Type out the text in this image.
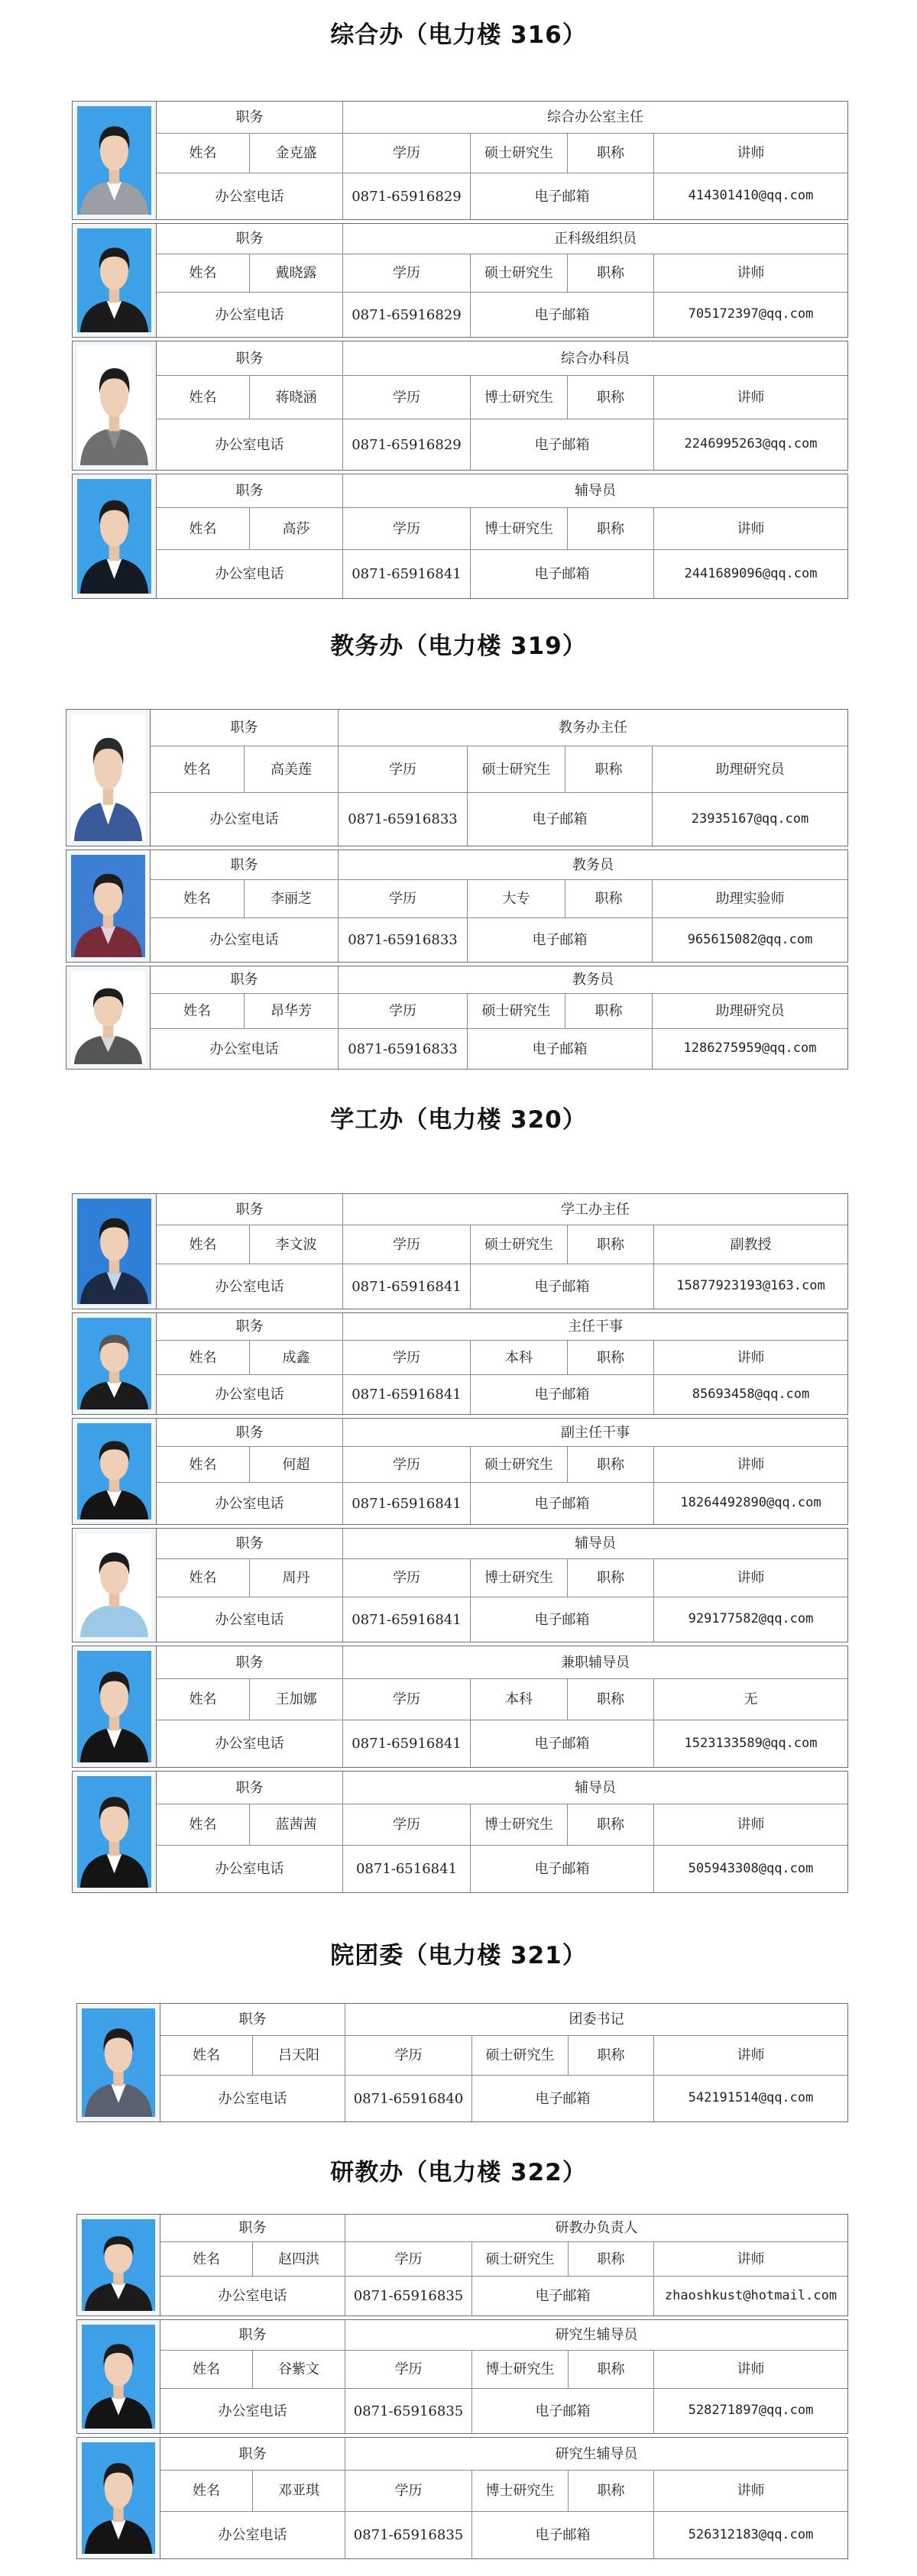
综合办（电力楼 316）
职务	综合办公室主任
姓名	金克盛	学历	硕士研究生	职称	讲师
办公室电话	0871-65916829	电子邮箱	414301410@qq.com
职务	正科级组织员
姓名	戴晓露	学历	硕士研究生	职称	讲师
办公室电话	0871-65916829	电子邮箱	705172397@qq.com
职务	综合办科员
姓名	蒋晓涵	学历	博士研究生	职称	讲师
办公室电话	0871-65916829	电子邮箱	2246995263@qq.com
职务	辅导员
姓名	高莎	学历	博士研究生	职称	讲师
办公室电话	0871-65916841	电子邮箱	2441689096@qq.com
教务办（电力楼 319）
职务	教务办主任
姓名	高美莲	学历	硕士研究生	职称	助理研究员
办公室电话	0871-65916833	电子邮箱	23935167@qq.com
职务	教务员
姓名	李丽芝	学历	大专	职称	助理实验师
办公室电话	0871-65916833	电子邮箱	965615082@qq.com
职务	教务员
姓名	昂华芳	学历	硕士研究生	职称	助理研究员
办公室电话	0871-65916833	电子邮箱	1286275959@qq.com
学工办（电力楼 320）
职务	学工办主任
姓名	李文波	学历	硕士研究生	职称	副教授
办公室电话	0871-65916841	电子邮箱	15877923193@163.com
职务	主任干事
姓名	成鑫	学历	本科	职称	讲师
办公室电话	0871-65916841	电子邮箱	85693458@qq.com
职务	副主任干事
姓名	何超	学历	硕士研究生	职称	讲师
办公室电话	0871-65916841	电子邮箱	18264492890@qq.com
职务	辅导员
姓名	周丹	学历	博士研究生	职称	讲师
办公室电话	0871-65916841	电子邮箱	929177582@qq.com
职务	兼职辅导员
姓名	王加娜	学历	本科	职称	无
办公室电话	0871-65916841	电子邮箱	1523133589@qq.com
职务	辅导员
姓名	蓝茜茜	学历	博士研究生	职称	讲师
办公室电话	0871-6516841	电子邮箱	505943308@qq.com
院团委（电力楼 321）
职务	团委书记
姓名	吕天阳	学历	硕士研究生	职称	讲师
办公室电话	0871-65916840	电子邮箱	542191514@qq.com
研教办（电力楼 322）
职务	研教办负责人
姓名	赵四洪	学历	硕士研究生	职称	讲师
办公室电话	0871-65916835	电子邮箱	zhaoshkust@hotmail.com
职务	研究生辅导员
姓名	谷紫文	学历	博士研究生	职称	讲师
办公室电话	0871-65916835	电子邮箱	528271897@qq.com
职务	研究生辅导员
姓名	邓亚琪	学历	博士研究生	职称	讲师
办公室电话	0871-65916835	电子邮箱	526312183@qq.com
